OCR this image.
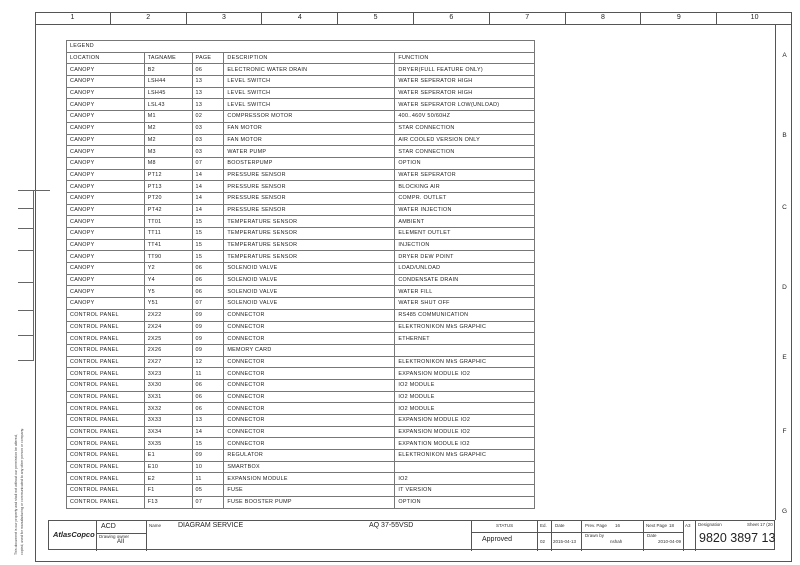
1	2	3	4	5	6	7	8	9	10
A
B
C
D
E
F
G
This document is our property and shall not without our permission be altered, copied, used for manufacturing or communicated to any other person or company.
LEGEND				
LOCATION	TAGNAME	PAGE	DESCRIPTION	FUNCTION
CANOPY	B2	06	ELECTRONIC WATER DRAIN	DRYER(FULL FEATURE ONLY)
CANOPY	LSH44	13	LEVEL SWITCH	WATER SEPERATOR HIGH
CANOPY	LSH45	13	LEVEL SWITCH	WATER SEPERATOR HIGH
CANOPY	LSL43	13	LEVEL SWITCH	WATER SEPERATOR LOW(UNLOAD)
CANOPY	M1	02	COMPRESSOR MOTOR	400..460V 50/60HZ
CANOPY	M2	03	FAN MOTOR	STAR CONNECTION
CANOPY	M2	03	FAN MOTOR	AIR COOLED VERSION ONLY
CANOPY	M3	03	WATER PUMP	STAR CONNECTION
CANOPY	M8	07	BOOSTERPUMP	OPTION
CANOPY	PT12	14	PRESSURE SENSOR	WATER SEPERATOR
CANOPY	PT13	14	PRESSURE SENSOR	BLOCKING AIR
CANOPY	PT20	14	PRESSURE SENSOR	COMPR. OUTLET
CANOPY	PT42	14	PRESSURE SENSOR	WATER INJECTION
CANOPY	TT01	15	TEMPERATURE SENSOR	AMBIENT
CANOPY	TT11	15	TEMPERATURE SENSOR	ELEMENT OUTLET
CANOPY	TT41	15	TEMPERATURE SENSOR	INJECTION
CANOPY	TT90	15	TEMPERATURE SENSOR	DRYER DEW POINT
CANOPY	Y2	06	SOLENOID VALVE	LOAD/UNLOAD
CANOPY	Y4	06	SOLENOID VALVE	CONDENSATE DRAIN
CANOPY	Y5	06	SOLENOID VALVE	WATER FILL
CANOPY	Y51	07	SOLENOID VALVE	WATER SHUT OFF
CONTROL PANEL	2X22	09	CONNECTOR	RS485 COMMUNICATION
CONTROL PANEL	2X24	09	CONNECTOR	ELEKTRONIKON MkS GRAPHIC
CONTROL PANEL	2X25	09	CONNECTOR	ETHERNET
CONTROL PANEL	2X26	09	MEMORY CARD	
CONTROL PANEL	2X27	12	CONNECTOR	ELEKTRONIKON MkS GRAPHIC
CONTROL PANEL	3X23	11	CONNECTOR	EXPANSION MODULE IO2
CONTROL PANEL	3X30	06	CONNECTOR	IO2 MODULE
CONTROL PANEL	3X31	06	CONNECTOR	IO2 MODULE
CONTROL PANEL	3X32	06	CONNECTOR	IO2 MODULE
CONTROL PANEL	3X33	13	CONNECTOR	EXPANSION MODULE IO2
CONTROL PANEL	3X34	14	CONNECTOR	EXPANSION MODULE IO2
CONTROL PANEL	3X35	15	CONNECTOR	EXPANTION MODULE IO2
CONTROL PANEL	E1	09	REGULATOR	ELEKTRONIKON MkS GRAPHIC
CONTROL PANEL	E10	10	SMARTBOX	
CONTROL PANEL	E2	11	EXPANSION MODULE	IO2
CONTROL PANEL	F1	05	FUSE	IT VERSION
CONTROL PANEL	F13	07	FUSE BOOSTER PUMP	OPTION
AtlasCopco
ACD
Drawing owner
AII
Name DIAGRAM SERVICE	AQ 37-55VSD	STATUS
Approved
Ed.
02
Date
2015-04-13
Prev. Page 16
Drawn by
nshah
Next Page 18
Date
2010-04-09
A3 Designation	Sheet 17 (20
9820 3897 13
